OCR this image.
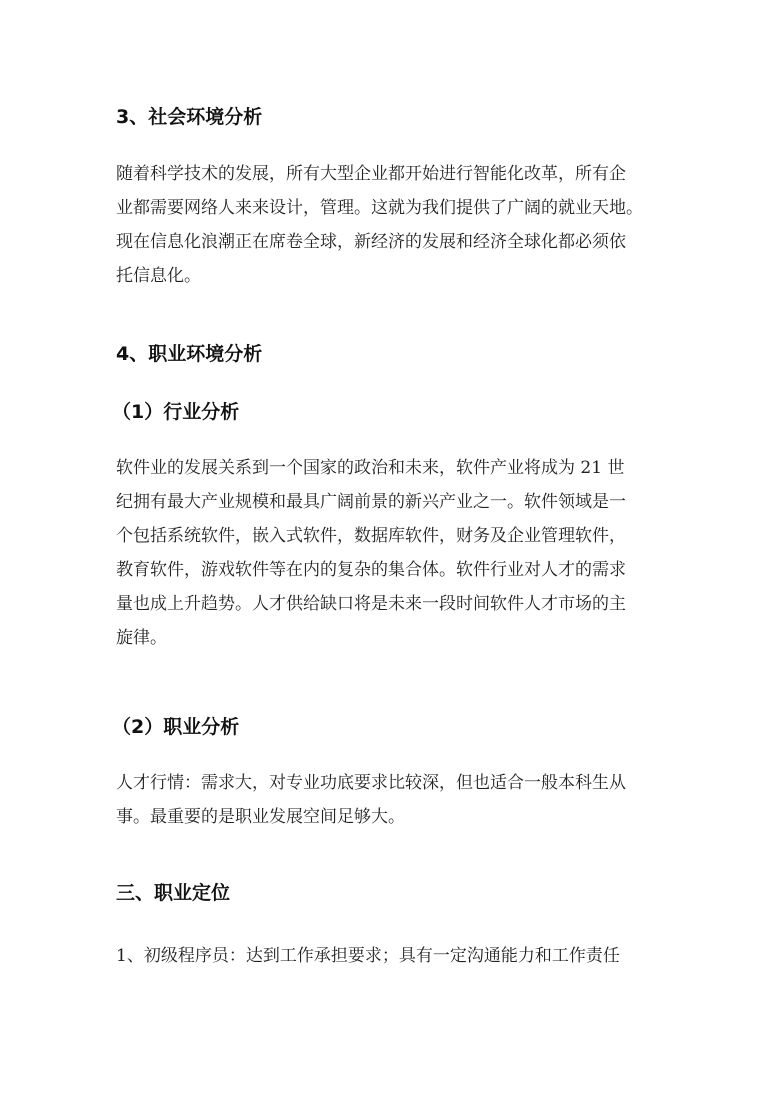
3、社会环境分析
随着科学技术的发展，所有大型企业都开始进行智能化改革，所有企
业都需要网络人来来设计，管理。这就为我们提供了广阔的就业天地。
现在信息化浪潮正在席卷全球，新经济的发展和经济全球化都必须依
托信息化。
4、职业环境分析
（1）行业分析
软件业的发展关系到一个国家的政治和未来，软件产业将成为 21 世
纪拥有最大产业规模和最具广阔前景的新兴产业之一。软件领域是一
个包括系统软件，嵌入式软件，数据库软件，财务及企业管理软件，
教育软件，游戏软件等在内的复杂的集合体。软件行业对人才的需求
量也成上升趋势。人才供给缺口将是未来一段时间软件人才市场的主
旋律。
（2）职业分析
人才行情：需求大，对专业功底要求比较深，但也适合一般本科生从
事。最重要的是职业发展空间足够大。
三、职业定位
1、初级程序员：达到工作承担要求；具有一定沟通能力和工作责任
